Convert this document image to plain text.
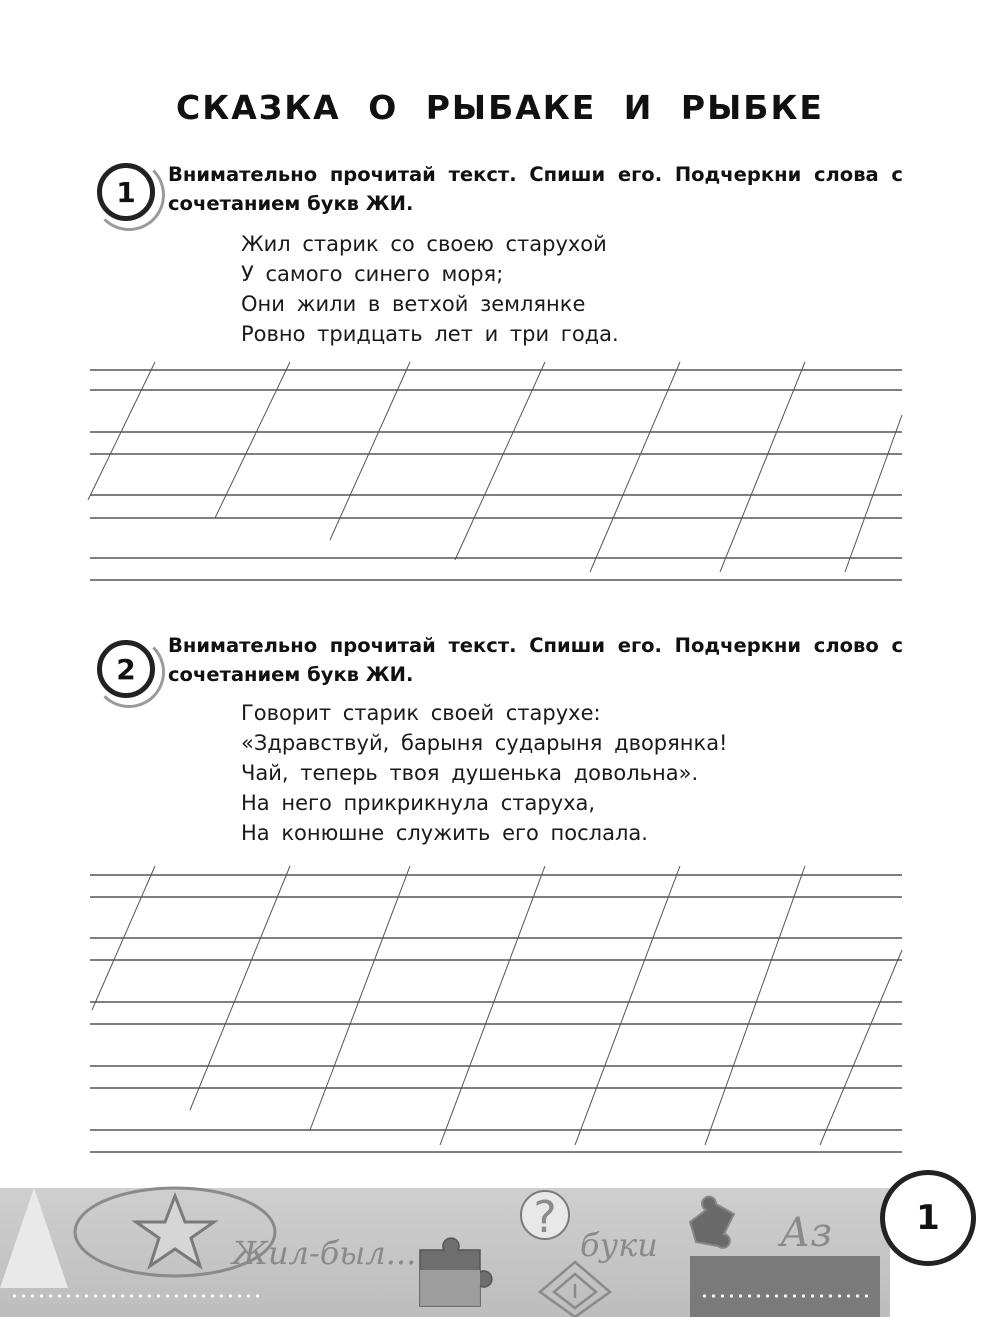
СКАЗКА О РЫБАКЕ И РЫБКЕ
1
Внимательно прочитай текст. Спиши его. Подчеркни слова с сочетанием букв ЖИ.
Жил старик со своею старухой
У самого синего моря;
Они жили в ветхой землянке
Ровно тридцать лет и три года.
2
Внимательно прочитай текст. Спиши его. Подчеркни слово с сочетанием букв ЖИ.
Говорит старик своей старухе:
«Здравствуй, барыня сударыня дворянка!
Чай, теперь твоя душенька довольна».
На него прикрикнула старуха,
На конюшне служить его послала.
?
Жил-был...	буки	Аз	1
